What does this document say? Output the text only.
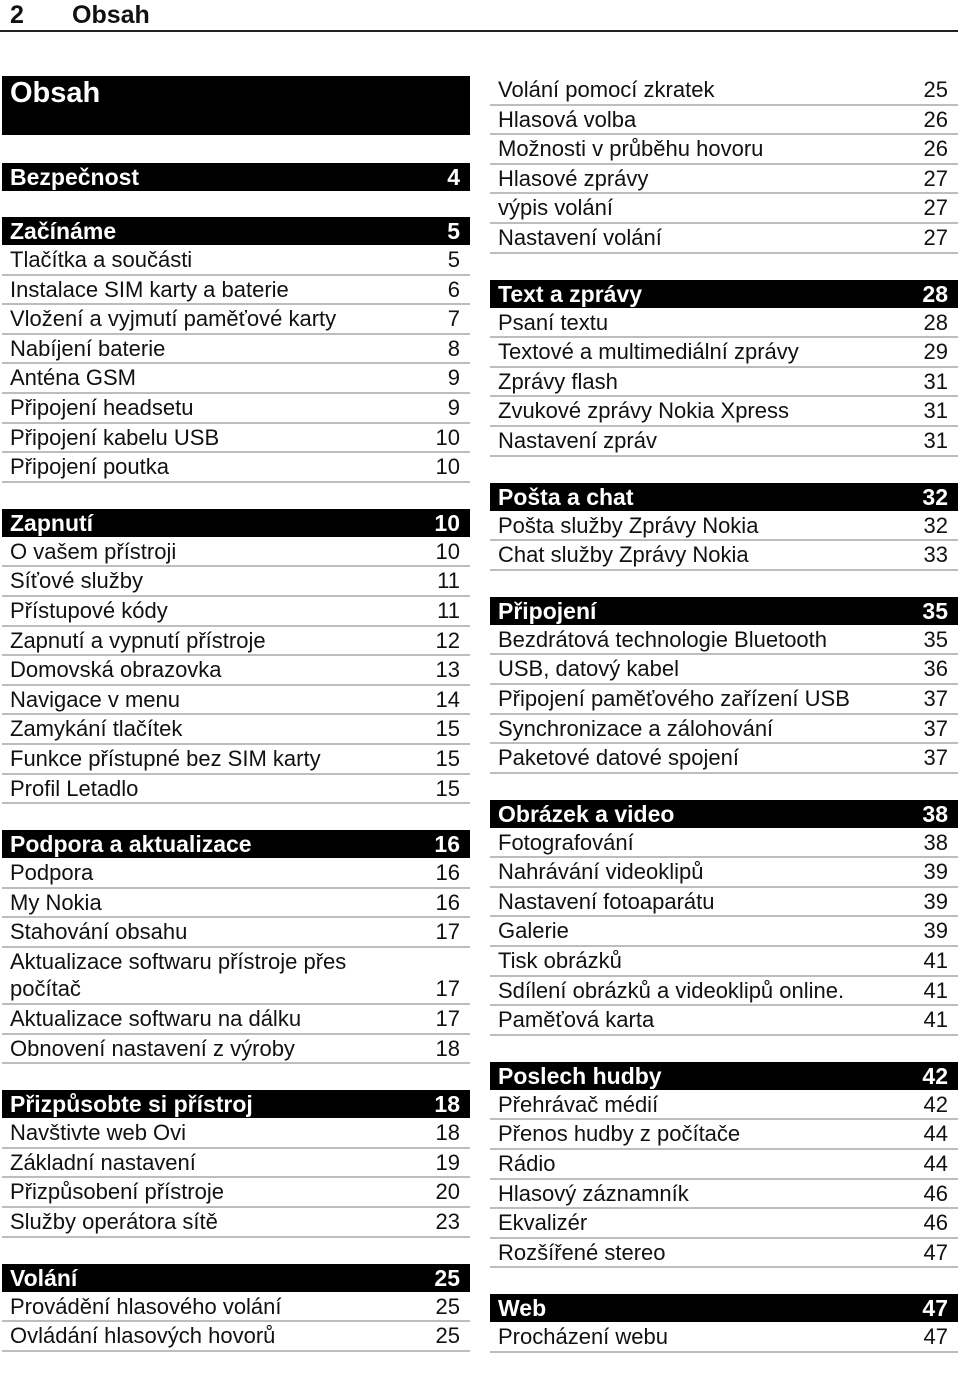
2 Obsah
Obsah
Bezpečnost	4
Začínáme	5
Tlačítka a součásti	5
Instalace SIM karty a baterie	6
Vložení a vyjmutí paměťové karty	7
Nabíjení baterie	8
Anténa GSM	9
Připojení headsetu	9
Připojení kabelu USB	10
Připojení poutka	10
Zapnutí	10
O vašem přístroji	10
Síťové služby	11
Přístupové kódy	11
Zapnutí a vypnutí přístroje	12
Domovská obrazovka	13
Navigace v menu	14
Zamykání tlačítek	15
Funkce přístupné bez SIM karty	15
Profil Letadlo	15
Podpora a aktualizace	16
Podpora	16
My Nokia	16
Stahování obsahu	17
Aktualizace softwaru přístroje přes počítač	17
Aktualizace softwaru na dálku	17
Obnovení nastavení z výroby	18
Přizpůsobte si přístroj	18
Navštivte web Ovi	18
Základní nastavení	19
Přizpůsobení přístroje	20
Služby operátora sítě	23
Volání	25
Provádění hlasového volání	25
Ovládání hlasových hovorů	25
Volání pomocí zkratek	25
Hlasová volba	26
Možnosti v průběhu hovoru	26
Hlasové zprávy	27
výpis volání	27
Nastavení volání	27
Text a zprávy	28
Psaní textu	28
Textové a multimediální zprávy	29
Zprávy flash	31
Zvukové zprávy Nokia Xpress	31
Nastavení zpráv	31
Pošta a chat	32
Pošta služby Zprávy Nokia	32
Chat služby Zprávy Nokia	33
Připojení	35
Bezdrátová technologie Bluetooth	35
USB, datový kabel	36
Připojení paměťového zařízení USB	37
Synchronizace a zálohování	37
Paketové datové spojení	37
Obrázek a video	38
Fotografování	38
Nahrávání videoklipů	39
Nastavení fotoaparátu	39
Galerie	39
Tisk obrázků	41
Sdílení obrázků a videoklipů online.	41
Paměťová karta	41
Poslech hudby	42
Přehrávač médií	42
Přenos hudby z počítače	44
Rádio	44
Hlasový záznamník	46
Ekvalizér	46
Rozšířené stereo	47
Web	47
Procházení webu	47
